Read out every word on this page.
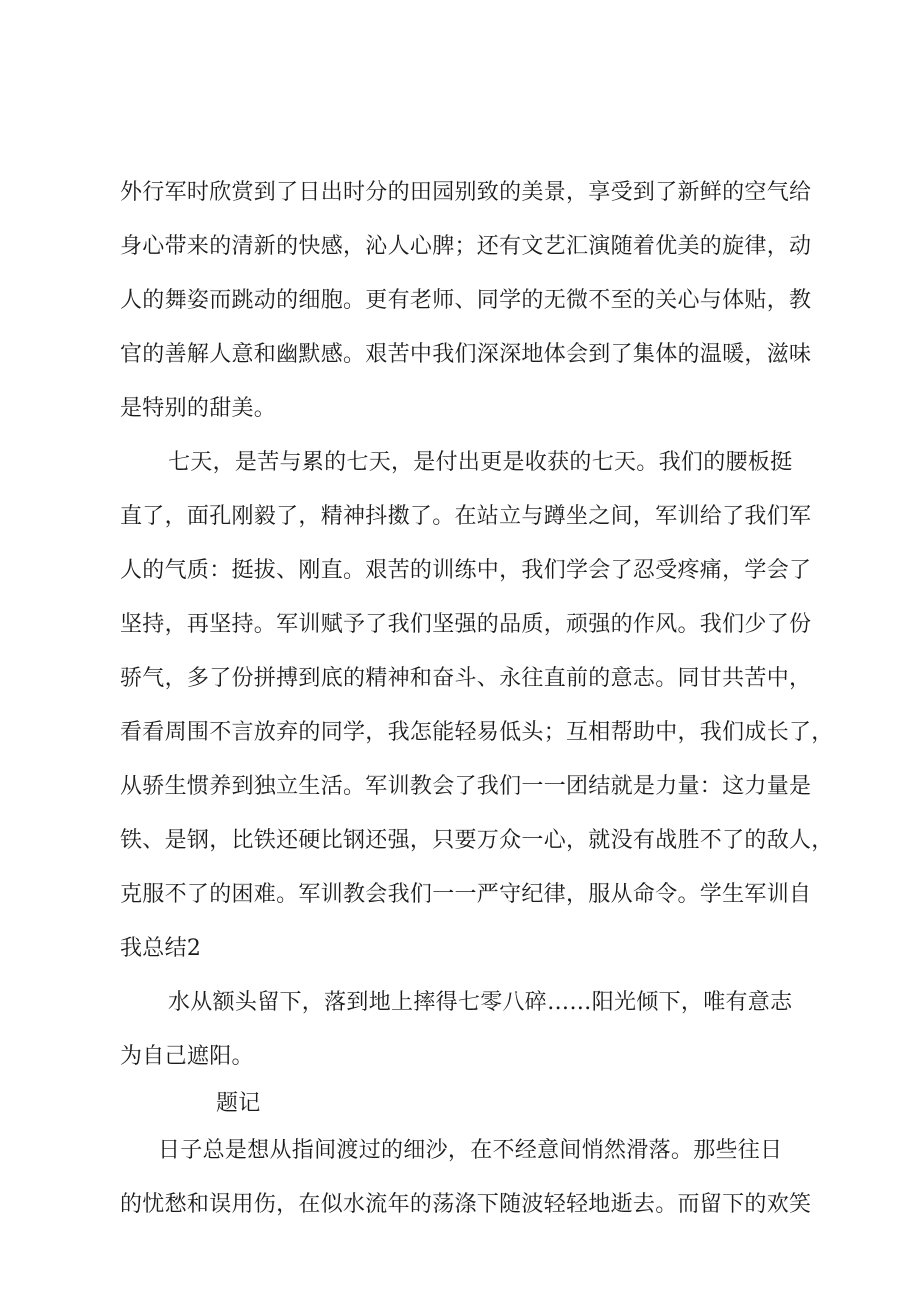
外行军时欣赏到了日出时分的田园别致的美景，享受到了新鲜的空气给
身心带来的清新的快感，沁人心脾；还有文艺汇演随着优美的旋律，动
人的舞姿而跳动的细胞。更有老师、同学的无微不至的关心与体贴，教
官的善解人意和幽默感。艰苦中我们深深地体会到了集体的温暖，滋味
是特别的甜美。
七天，是苦与累的七天，是付出更是收获的七天。我们的腰板挺
直了，面孔刚毅了，精神抖擞了。在站立与蹲坐之间，军训给了我们军
人的气质：挺拔、刚直。艰苦的训练中，我们学会了忍受疼痛，学会了
坚持，再坚持。军训赋予了我们坚强的品质，顽强的作风。我们少了份
骄气，多了份拼搏到底的精神和奋斗、永往直前的意志。同甘共苦中，
看看周围不言放弃的同学，我怎能轻易低头；互相帮助中，我们成长了，
从骄生惯养到独立生活。军训教会了我们一一团结就是力量：这力量是
铁、是钢，比铁还硬比钢还强，只要万众一心，就没有战胜不了的敌人，
克服不了的困难。军训教会我们一一严守纪律，服从命令。学生军训自
我总结2
水从额头留下，落到地上摔得七零八碎……阳光倾下，唯有意志
为自己遮阳。
题记
日子总是想从指间渡过的细沙，在不经意间悄然滑落。那些往日
的忧愁和误用伤，在似水流年的荡涤下随波轻轻地逝去。而留下的欢笑
